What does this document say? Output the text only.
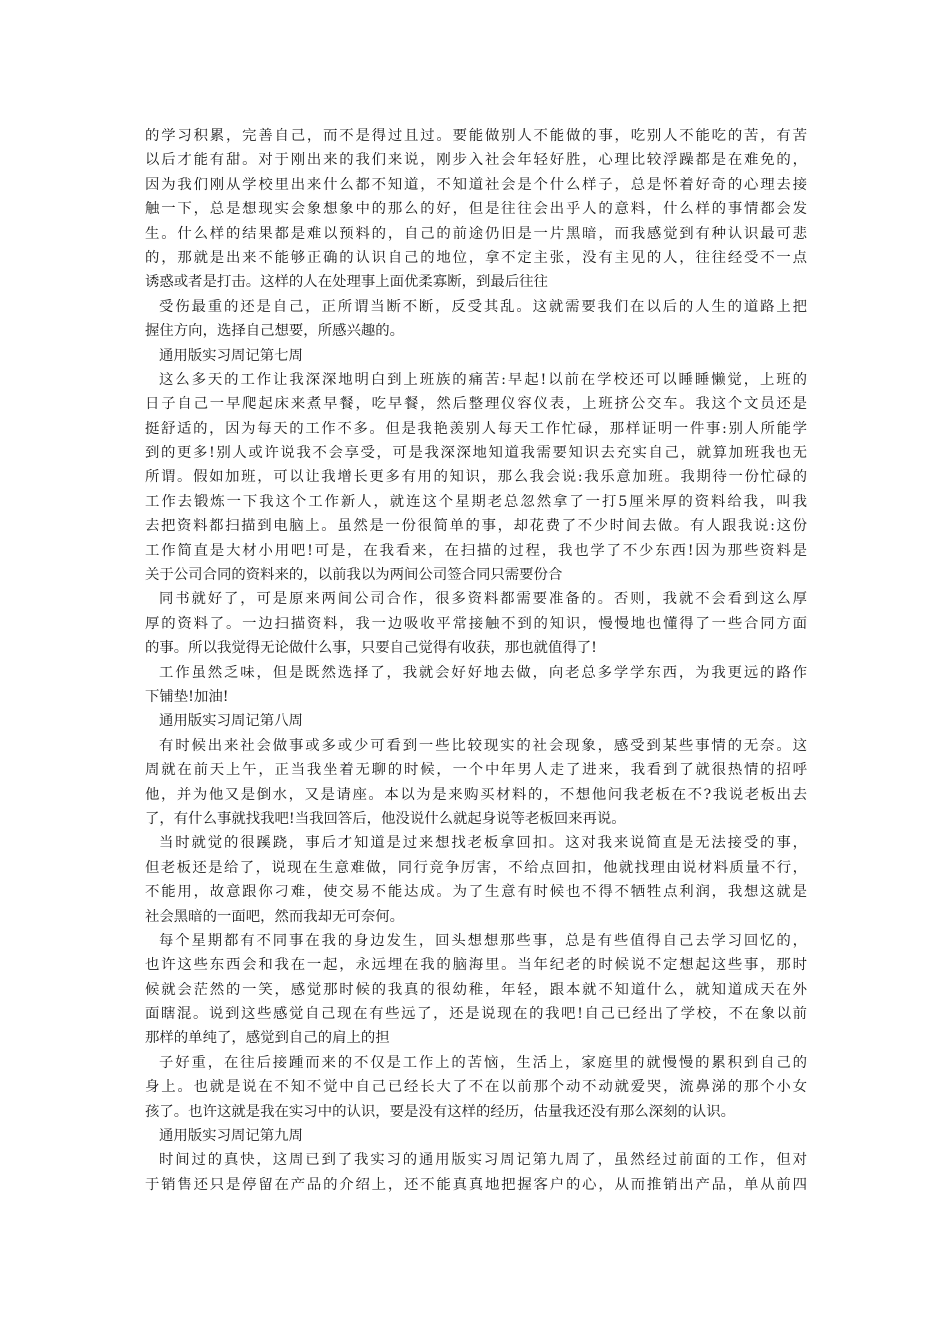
的学习积累，完善自己，而不是得过且过。要能做别人不能做的事，吃别人不能吃的苦，有苦
以后才能有甜。对于刚出来的我们来说，刚步入社会年轻好胜，心理比较浮躁都是在难免的，
因为我们刚从学校里出来什么都不知道，不知道社会是个什么样子，总是怀着好奇的心理去接
触一下，总是想现实会象想象中的那么的好，但是往往会出乎人的意料，什么样的事情都会发
生。什么样的结果都是难以预料的，自己的前途仍旧是一片黑暗，而我感觉到有种认识最可悲
的，那就是出来不能够正确的认识自己的地位，拿不定主张，没有主见的人，往往经受不一点
诱惑或者是打击。这样的人在处理事上面优柔寡断，到最后往往
受伤最重的还是自己，正所谓当断不断，反受其乱。这就需要我们在以后的人生的道路上把
握住方向，选择自己想要，所感兴趣的。
通用版实习周记第七周
这么多天的工作让我深深地明白到上班族的痛苦:早起!以前在学校还可以睡睡懒觉，上班的
日子自己一早爬起床来煮早餐，吃早餐，然后整理仪容仪表，上班挤公交车。我这个文员还是
挺舒适的，因为每天的工作不多。但是我艳羡别人每天工作忙碌，那样证明一件事:别人所能学
到的更多!别人或许说我不会享受，可是我深深地知道我需要知识去充实自己，就算加班我也无
所谓。假如加班，可以让我增长更多有用的知识，那么我会说:我乐意加班。我期待一份忙碌的
工作去锻炼一下我这个工作新人，就连这个星期老总忽然拿了一打5厘米厚的资料给我，叫我
去把资料都扫描到电脑上。虽然是一份很简单的事，却花费了不少时间去做。有人跟我说:这份
工作简直是大材小用吧!可是，在我看来，在扫描的过程，我也学了不少东西!因为那些资料是
关于公司合同的资料来的，以前我以为两间公司签合同只需要份合
同书就好了，可是原来两间公司合作，很多资料都需要准备的。否则，我就不会看到这么厚
厚的资料了。一边扫描资料，我一边吸收平常接触不到的知识，慢慢地也懂得了一些合同方面
的事。所以我觉得无论做什么事，只要自己觉得有收获，那也就值得了!
工作虽然乏味，但是既然选择了，我就会好好地去做，向老总多学学东西，为我更远的路作
下铺垫!加油!
通用版实习周记第八周
有时候出来社会做事或多或少可看到一些比较现实的社会现象，感受到某些事情的无奈。这
周就在前天上午，正当我坐着无聊的时候，一个中年男人走了进来，我看到了就很热情的招呼
他，并为他又是倒水，又是请座。本以为是来购买材料的，不想他问我老板在不?我说老板出去
了，有什么事就找我吧!当我回答后，他没说什么就起身说等老板回来再说。
当时就觉的很蹊跷，事后才知道是过来想找老板拿回扣。这对我来说简直是无法接受的事，
但老板还是给了，说现在生意难做，同行竞争厉害，不给点回扣，他就找理由说材料质量不行，
不能用，故意跟你刁难，使交易不能达成。为了生意有时候也不得不牺牲点利润，我想这就是
社会黑暗的一面吧，然而我却无可奈何。
每个星期都有不同事在我的身边发生，回头想想那些事，总是有些值得自己去学习回忆的，
也许这些东西会和我在一起，永远埋在我的脑海里。当年纪老的时候说不定想起这些事，那时
候就会茫然的一笑，感觉那时候的我真的很幼稚，年轻，跟本就不知道什么，就知道成天在外
面瞎混。说到这些感觉自己现在有些远了，还是说现在的我吧!自己已经出了学校，不在象以前
那样的单纯了，感觉到自己的肩上的担
子好重，在往后接踵而来的不仅是工作上的苦恼，生活上，家庭里的就慢慢的累积到自己的
身上。也就是说在不知不觉中自己已经长大了不在以前那个动不动就爱哭，流鼻涕的那个小女
孩了。也许这就是我在实习中的认识，要是没有这样的经历，估量我还没有那么深刻的认识。
通用版实习周记第九周
时间过的真快，这周已到了我实习的通用版实习周记第九周了，虽然经过前面的工作，但对
于销售还只是停留在产品的介绍上，还不能真真地把握客户的心，从而推销出产品，单从前四
